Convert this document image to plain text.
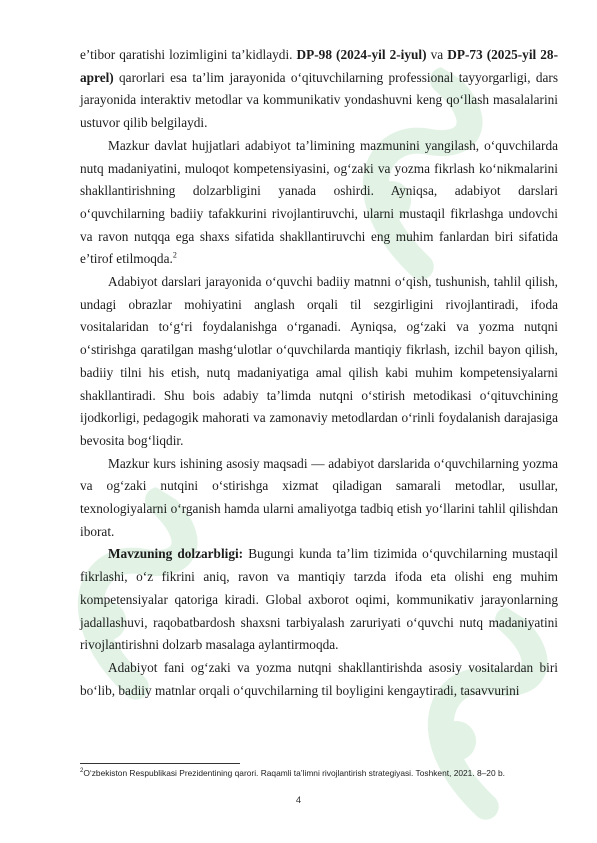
e’tibor qaratishi lozimligini ta’kidlaydi. DP-98 (2024-yil 2-iyul) va DP-73 (2025-yil 28-aprel) qarorlari esa ta’lim jarayonida o‘qituvchilarning professional tayyorgarligi, dars jarayonida interaktiv metodlar va kommunikativ yondashuvni keng qo‘llash masalalarini ustuvor qilib belgilaydi.

Mazkur davlat hujjatlari adabiyot ta’limining mazmunini yangilash, o‘quvchilarda nutq madaniyatini, muloqot kompetensiyasini, og‘zaki va yozma fikrlash ko‘nikmalarini shakllantirishning dolzarbligini yanada oshirdi. Ayniqsa, adabiyot darslari o‘quvchilarning badiiy tafakkurini rivojlantiruvchi, ularni mustaqil fikrlashga undovchi va ravon nutqqa ega shaxs sifatida shakllantiruvchi eng muhim fanlardan biri sifatida e’tirof etilmoqda.$^2$

Adabiyot darslari jarayonida o‘quvchi badiiy matnni o‘qish, tushunish, tahlil qilish, undagi obrazlar mohiyatini anglash orqali til sezgirligini rivojlantiradi, ifoda vositalaridan to‘g‘ri foydalanishga o‘rganadi. Ayniqsa, og‘zaki va yozma nutqni o‘stirishga qaratilgan mashg‘ulotlar o‘quvchilarda mantiqiy fikrlash, izchil bayon qilish, badiiy tilni his etish, nutq madaniyatiga amal qilish kabi muhim kompetensiyalarni shakllantiradi. Shu bois adabiy ta’limda nutqni o‘stirish metodikasi o‘qituvchining ijodkorligi, pedagogik mahorati va zamonaviy metodlardan o‘rinli foydalanish darajasiga bevosita bog‘liqdir.

Mazkur kurs ishining asosiy maqsadi — adabiyot darslarida o‘quvchilarning yozma va og‘zaki nutqini o‘stirishga xizmat qiladigan samarali metodlar, usullar, texnologiyalarni o‘rganish hamda ularni amaliyotga tadbiq etish yo‘llarini tahlil qilishdan iborat.

Mavzuning dolzarbligi: Bugungi kunda ta’lim tizimida o‘quvchilarning mustaqil fikrlashi, o‘z fikrini aniq, ravon va mantiqiy tarzda ifoda eta olishi eng muhim kompetensiyalar qatoriga kiradi. Global axborot oqimi, kommunikativ jarayonlarning jadallashuvi, raqobatbardosh shaxsni tarbiyalash zaruriyati o‘quvchi nutq madaniyatini rivojlantirishni dolzarb masalaga aylantirmoqda.

Adabiyot fani og‘zaki va yozma nutqni shakllantirishda asosiy vositalardan biri bo‘lib, badiiy matnlar orqali o‘quvchilarning til boyligini kengaytiradi, tasavvurini

$^2$O‘zbekiston Respublikasi Prezidentining qarori. Raqamli ta’limni rivojlantirish strategiyasi. Toshkent, 2021. 8–20 b.
4
